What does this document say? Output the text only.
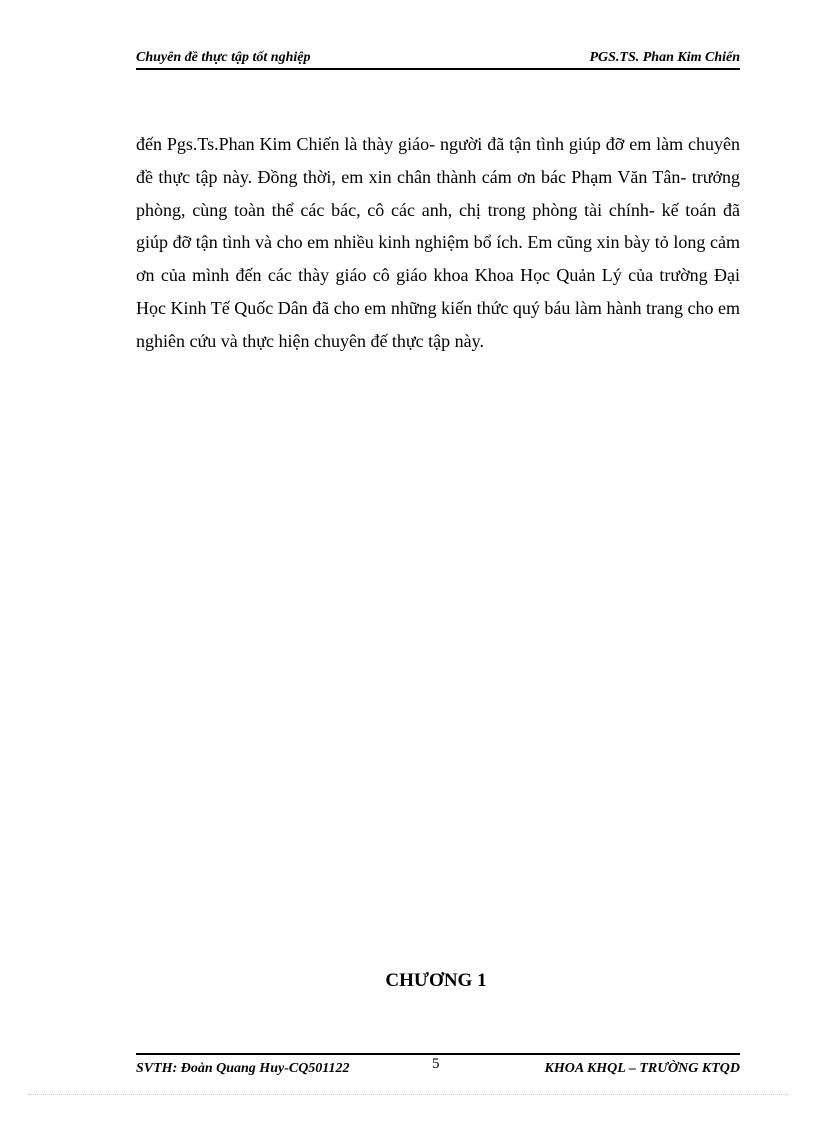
Chuyên đề thực tập tốt nghiệp	PGS.TS. Phan Kim Chiến

đến Pgs.Ts.Phan Kim Chiến là thày giáo- người đã tận tình giúp đỡ em làm chuyên đề thực tập này. Đồng thời, em xin chân thành cám ơn bác Phạm Văn Tân- trưởng phòng, cùng toàn thể các bác, cô các anh, chị trong phòng tài chính- kế toán đã giúp đỡ tận tình và cho em nhiều kinh nghiệm bổ ích. Em cũng xin bày tỏ long cảm ơn của mình đến các thày giáo cô giáo khoa Khoa Học Quản Lý của trường Đại Học Kinh Tế Quốc Dân đã cho em những kiến thức quý báu làm hành trang cho em nghiên cứu và thực hiện chuyên đế thực tập này.

CHƯƠNG 1
SVTH: Đoàn Quang Huy-CQ501122	5	KHOA KHQL – TRƯỜNG KTQD
